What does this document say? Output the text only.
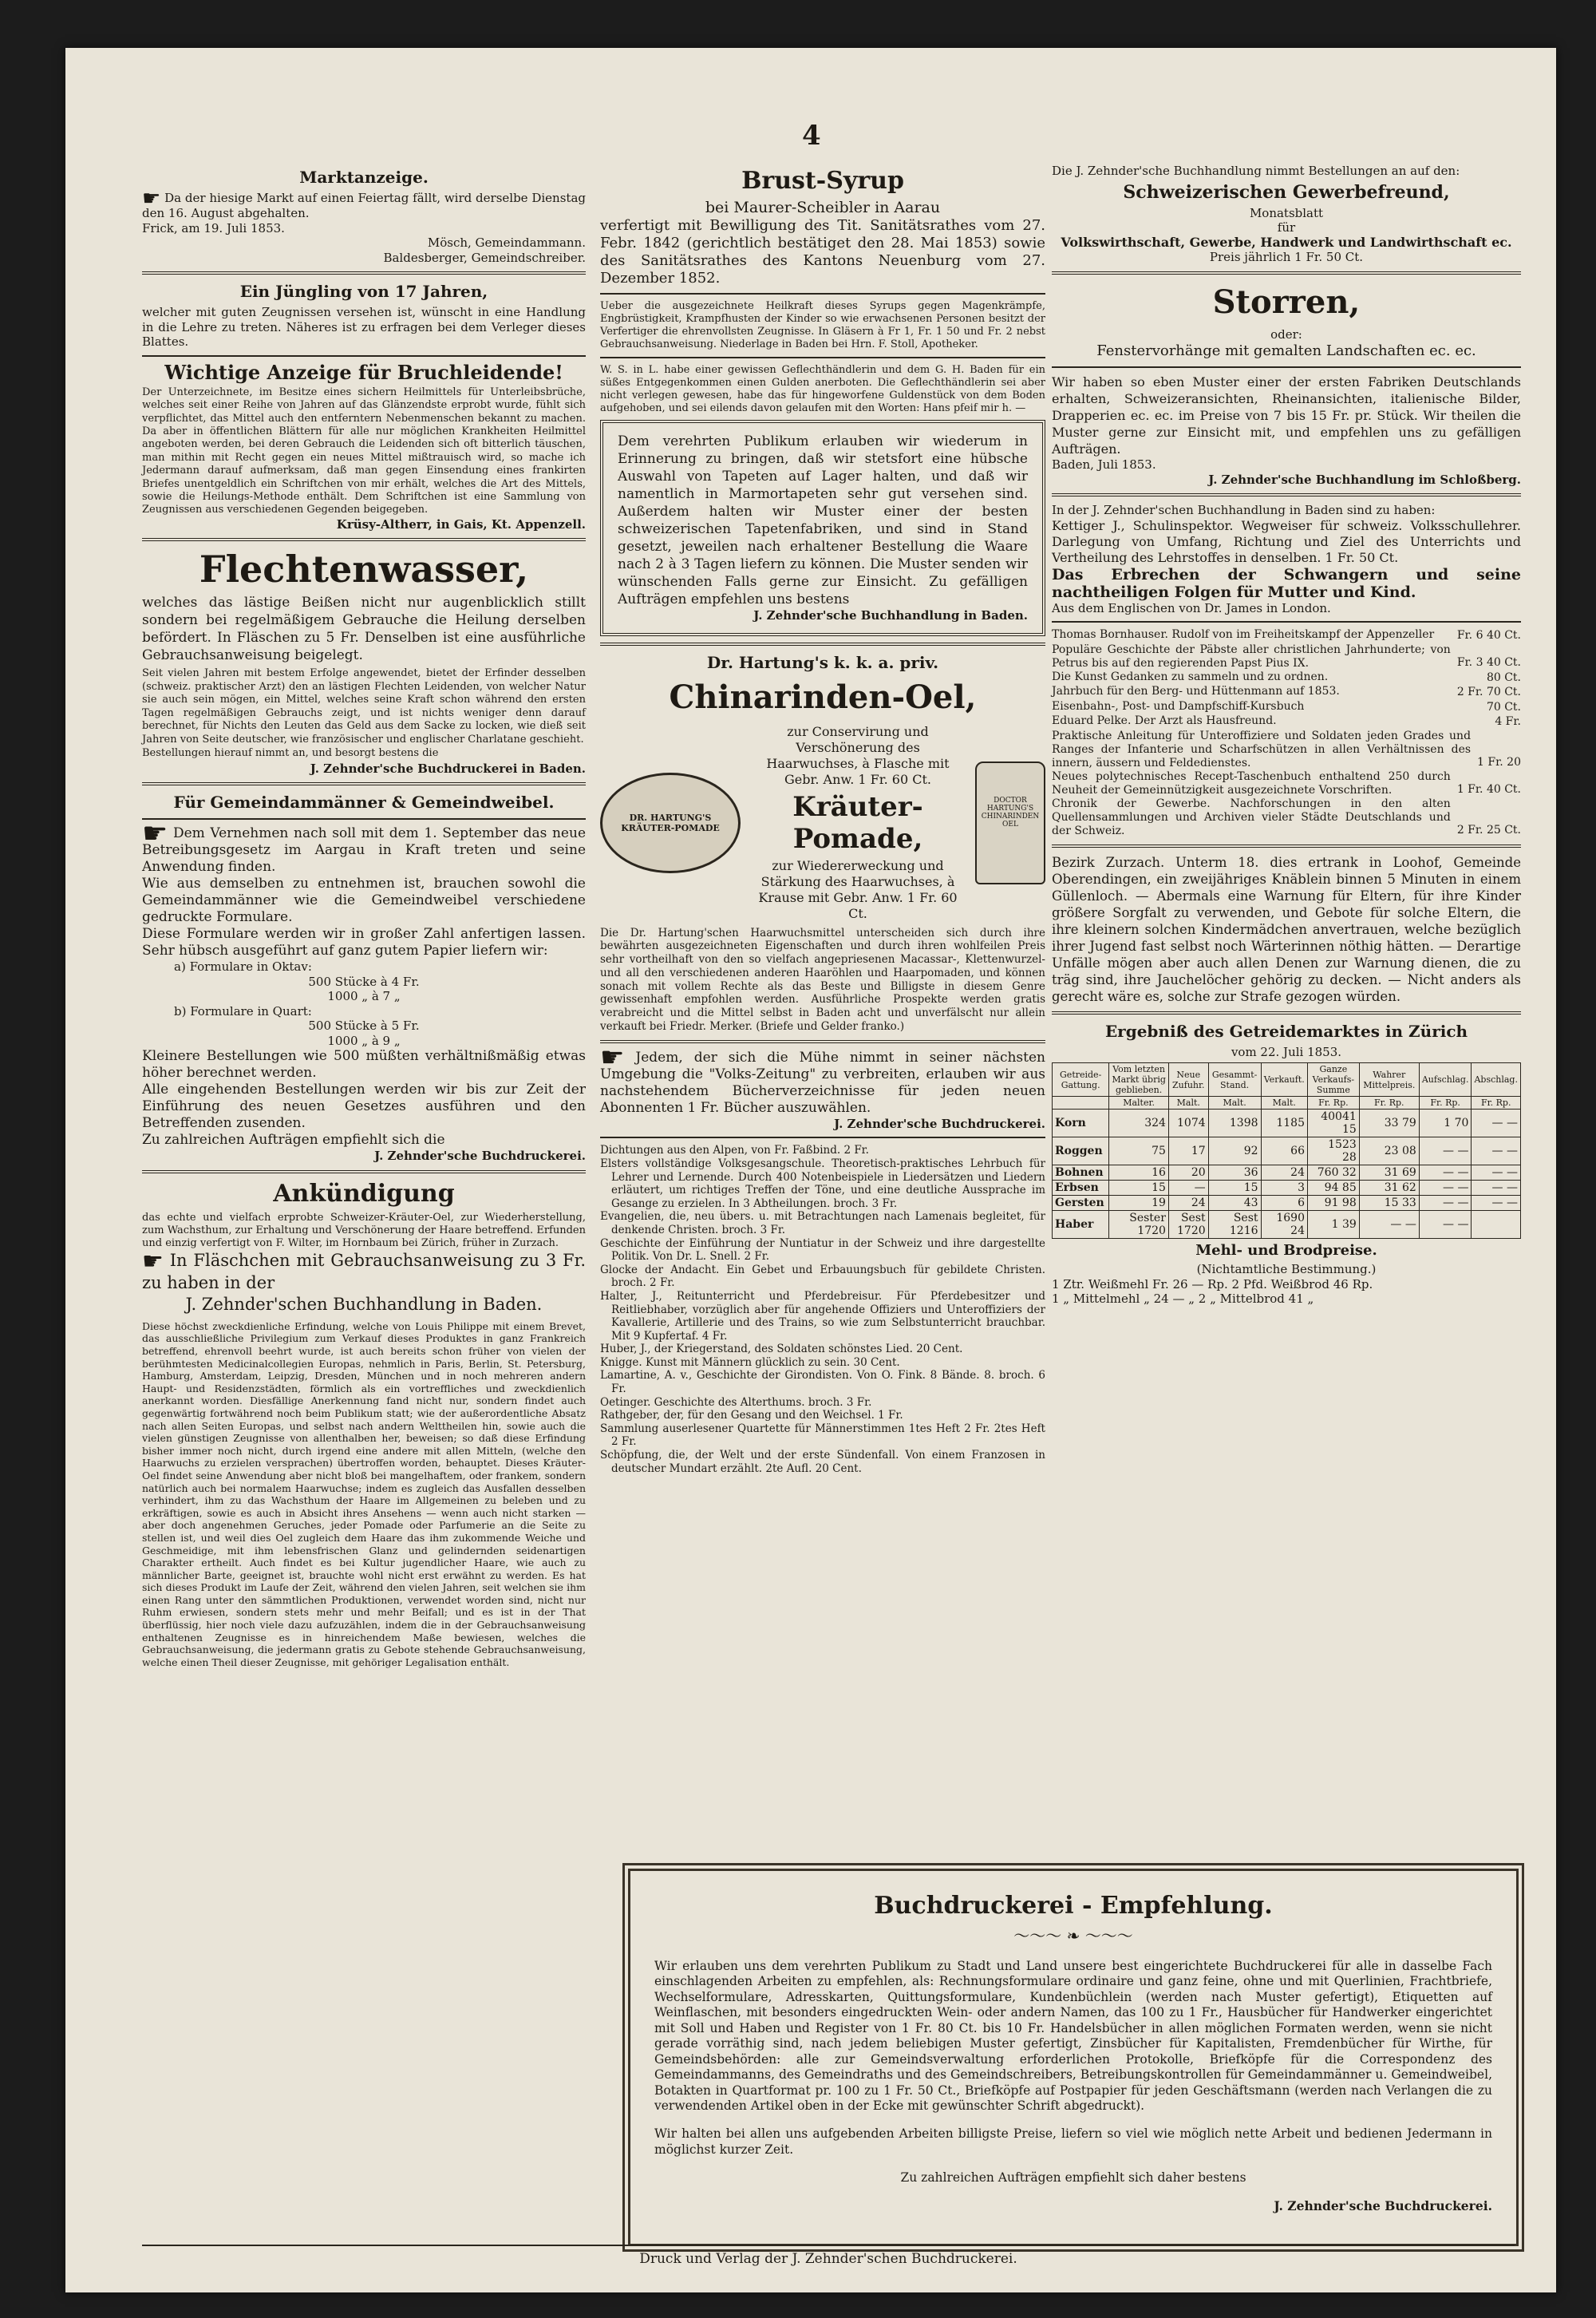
4
Marktanzeige.

☛ Da der hiesige Markt auf einen Feiertag fällt, wird derselbe Dienstag den 16. August abgehalten.

Frick, am 19. Juli 1853.

Mösch, Gemeindammann.

Baldesberger, Gemeindschreiber.

Ein Jüngling von 17 Jahren,

welcher mit guten Zeugnissen versehen ist, wünscht in eine Handlung in die Lehre zu treten. Näheres ist zu erfragen bei dem Verleger dieses Blattes.

Wichtige Anzeige für Bruchleidende!

Der Unterzeichnete, im Besitze eines sichern Heilmittels für Unterleibsbrüche, welches seit einer Reihe von Jahren auf das Glänzendste erprobt wurde, fühlt sich verpflichtet, das Mittel auch den entferntern Nebenmenschen bekannt zu machen. Da aber in öffentlichen Blättern für alle nur möglichen Krankheiten Heilmittel angeboten werden, bei deren Gebrauch die Leidenden sich oft bitterlich täuschen, man mithin mit Recht gegen ein neues Mittel mißtrauisch wird, so mache ich Jedermann darauf aufmerksam, daß man gegen Einsendung eines frankirten Briefes unentgeldlich ein Schriftchen von mir erhält, welches die Art des Mittels, sowie die Heilungs-Methode enthält. Dem Schriftchen ist eine Sammlung von Zeugnissen aus verschiedenen Gegenden beigegeben.

Krüsy-Altherr, in Gais, Kt. Appenzell.

Flechtenwasser,

welches das lästige Beißen nicht nur augenblicklich stillt sondern bei regelmäßigem Gebrauche die Heilung derselben befördert. In Fläschen zu 5 Fr. Denselben ist eine ausführliche Gebrauchsanweisung beigelegt.

Seit vielen Jahren mit bestem Erfolge angewendet, bietet der Erfinder desselben (schweiz. praktischer Arzt) den an lästigen Flechten Leidenden, von welcher Natur sie auch sein mögen, ein Mittel, welches seine Kraft schon während den ersten Tagen regelmäßigen Gebrauchs zeigt, und ist nichts weniger denn darauf berechnet, für Nichts den Leuten das Geld aus dem Sacke zu locken, wie dieß seit Jahren von Seite deutscher, wie französischer und englischer Charlatane geschieht.

Bestellungen hierauf nimmt an, und besorgt bestens die

J. Zehnder'sche Buchdruckerei in Baden.

Für Gemeindammänner & Gemeindweibel.

☛ Dem Vernehmen nach soll mit dem 1. September das neue Betreibungsgesetz im Aargau in Kraft treten und seine Anwendung finden.

Wie aus demselben zu entnehmen ist, brauchen sowohl die Gemeindammänner wie die Gemeindweibel verschiedene gedruckte Formulare.

Diese Formulare werden wir in großer Zahl anfertigen lassen. Sehr hübsch ausgeführt auf ganz gutem Papier liefern wir:

a) Formulare in Oktav:

500 Stücke à 4 Fr.

1000 „ à 7 „

b) Formulare in Quart:

500 Stücke à 5 Fr.

1000 „ à 9 „

Kleinere Bestellungen wie 500 müßten verhältnißmäßig etwas höher berechnet werden.

Alle eingehenden Bestellungen werden wir bis zur Zeit der Einführung des neuen Gesetzes ausführen und den Betreffenden zusenden.

Zu zahlreichen Aufträgen empfiehlt sich die

J. Zehnder'sche Buchdruckerei.

Ankündigung

das echte und vielfach erprobte Schweizer-Kräuter-Oel, zur Wiederherstellung, zum Wachsthum, zur Erhaltung und Verschönerung der Haare betreffend. Erfunden und einzig verfertigt von F. Wilter, im Hornbaum bei Zürich, früher in Zurzach.

☛ In Fläschchen mit Gebrauchsanweisung zu 3 Fr. zu haben in der

J. Zehnder'schen Buchhandlung in Baden.

Diese höchst zweckdienliche Erfindung, welche von Louis Philippe mit einem Brevet, das ausschließliche Privilegium zum Verkauf dieses Produktes in ganz Frankreich betreffend, ehrenvoll beehrt wurde, ist auch bereits schon früher von vielen der berühmtesten Medicinalcollegien Europas, nehmlich in Paris, Berlin, St. Petersburg, Hamburg, Amsterdam, Leipzig, Dresden, München und in noch mehreren andern Haupt- und Residenzstädten, förmlich als ein vortreffliches und zweckdienlich anerkannt worden. Diesfällige Anerkennung fand nicht nur, sondern findet auch gegenwärtig fortwährend noch beim Publikum statt; wie der außerordentliche Absatz nach allen Seiten Europas, und selbst nach andern Welttheilen hin, sowie auch die vielen günstigen Zeugnisse von allenthalben her, beweisen; so daß diese Erfindung bisher immer noch nicht, durch irgend eine andere mit allen Mitteln, (welche den Haarwuchs zu erzielen versprachen) übertroffen worden, behauptet. Dieses Kräuter-Oel findet seine Anwendung aber nicht bloß bei mangelhaftem, oder frankem, sondern natürlich auch bei normalem Haarwuchse; indem es zugleich das Ausfallen desselben verhindert, ihm zu das Wachsthum der Haare im Allgemeinen zu beleben und zu erkräftigen, sowie es auch in Absicht ihres Ansehens — wenn auch nicht starken — aber doch angenehmen Geruches, jeder Pomade oder Parfumerie an die Seite zu stellen ist, und weil dies Oel zugleich dem Haare das ihm zukommende Weiche und Geschmeidige, mit ihm lebensfrischen Glanz und gelindernden seidenartigen Charakter ertheilt. Auch findet es bei Kultur jugendlicher Haare, wie auch zu männlicher Barte, geeignet ist, brauchte wohl nicht erst erwähnt zu werden. Es hat sich dieses Produkt im Laufe der Zeit, während den vielen Jahren, seit welchen sie ihm einen Rang unter den sämmtlichen Produktionen, verwendet worden sind, nicht nur Ruhm erwiesen, sondern stets mehr und mehr Beifall; und es ist in der That überflüssig, hier noch viele dazu aufzuzählen, indem die in der Gebrauchsanweisung enthaltenen Zeugnisse es in hinreichendem Maße bewiesen, welches die Gebrauchsanweisung, die jedermann gratis zu Gebote stehende Gebrauchsanweisung, welche einen Theil dieser Zeugnisse, mit gehöriger Legalisation enthält.

Brust-Syrup

bei Maurer-Scheibler in Aarau

verfertigt mit Bewilligung des Tit. Sanitätsrathes vom 27. Febr. 1842 (gerichtlich bestätiget den 28. Mai 1853) sowie des Sanitätsrathes des Kantons Neuenburg vom 27. Dezember 1852.

Ueber die ausgezeichnete Heilkraft dieses Syrups gegen Magenkrämpfe, Engbrüstigkeit, Krampfhusten der Kinder so wie erwachsenen Personen besitzt der Verfertiger die ehrenvollsten Zeugnisse. In Gläsern à Fr 1, Fr. 1 50 und Fr. 2 nebst Gebrauchsanweisung. Niederlage in Baden bei Hrn. F. Stoll, Apotheker.

W. S. in L. habe einer gewissen Geflechthändlerin und dem G. H. Baden für ein süßes Entgegenkommen einen Gulden anerboten. Die Geflechthändlerin sei aber nicht verlegen gewesen, habe das für hingeworfene Guldenstück von dem Boden aufgehoben, und sei eilends davon gelaufen mit den Worten: Hans pfeif mir h. —

Dem verehrten Publikum erlauben wir wiederum in Erinnerung zu bringen, daß wir stetsfort eine hübsche Auswahl von Tapeten auf Lager halten, und daß wir namentlich in Marmortapeten sehr gut versehen sind. Außerdem halten wir Muster einer der besten schweizerischen Tapetenfabriken, und sind in Stand gesetzt, jeweilen nach erhaltener Bestellung die Waare nach 2 à 3 Tagen liefern zu können. Die Muster senden wir wünschenden Falls gerne zur Einsicht. Zu gefälligen Aufträgen empfehlen uns bestens

J. Zehnder'sche Buchhandlung in Baden.

Dr. Hartung's k. k. a. priv.
Chinarinden-Oel,
DR. HARTUNG'S KRÄUTER-POMADE

zur Conservirung und Verschönerung des Haarwuchses, à Flasche mit Gebr. Anw. 1 Fr. 60 Ct.

Kräuter-Pomade,

zur Wiedererweckung und Stärkung des Haarwuchses, à Krause mit Gebr. Anw. 1 Fr. 60 Ct.

DOCTOR HARTUNG'S CHINARINDEN OEL

Die Dr. Hartung'schen Haarwuchsmittel unterscheiden sich durch ihre bewährten ausgezeichneten Eigenschaften und durch ihren wohlfeilen Preis sehr vortheilhaft von den so vielfach angepriesenen Macassar-, Klettenwurzel- und all den verschiedenen anderen Haaröhlen und Haarpomaden, und können sonach mit vollem Rechte als das Beste und Billigste in diesem Genre gewissenhaft empfohlen werden. Ausführliche Prospekte werden gratis verabreicht und die Mittel selbst in Baden acht und unverfälscht nur allein verkauft bei Friedr. Merker. (Briefe und Gelder franko.)

☛ Jedem, der sich die Mühe nimmt in seiner nächsten Umgebung die "Volks-Zeitung" zu verbreiten, erlauben wir aus nachstehendem Bücherverzeichnisse für jeden neuen Abonnenten 1 Fr. Bücher auszuwählen.

J. Zehnder'sche Buchdruckerei.

Dichtungen aus den Alpen, von Fr. Faßbind. 2 Fr.

Elsters vollständige Volksgesangschule. Theoretisch-praktisches Lehrbuch für Lehrer und Lernende. Durch 400 Notenbeispiele in Liedersätzen und Liedern erläutert, um richtiges Treffen der Töne, und eine deutliche Aussprache im Gesange zu erzielen. In 3 Abtheilungen. broch. 3 Fr.

Evangelien, die, neu übers. u. mit Betrachtungen nach Lamenais begleitet, für denkende Christen. broch. 3 Fr.

Geschichte der Einführung der Nuntiatur in der Schweiz und ihre dargestellte Politik. Von Dr. L. Snell. 2 Fr.

Glocke der Andacht. Ein Gebet und Erbauungsbuch für gebildete Christen. broch. 2 Fr.

Halter, J., Reitunterricht und Pferdebreisur. Für Pferdebesitzer und Reitliebhaber, vorzüglich aber für angehende Offiziers und Unteroffiziers der Kavallerie, Artillerie und des Trains, so wie zum Selbstunterricht brauchbar. Mit 9 Kupfertaf. 4 Fr.

Huber, J., der Kriegerstand, des Soldaten schönstes Lied. 20 Cent.

Knigge. Kunst mit Männern glücklich zu sein. 30 Cent.

Lamartine, A. v., Geschichte der Girondisten. Von O. Fink. 8 Bände. 8. broch. 6 Fr.

Oetinger. Geschichte des Alterthums. broch. 3 Fr.

Rathgeber, der, für den Gesang und den Weichsel. 1 Fr.

Sammlung auserlesener Quartette für Männerstimmen 1tes Heft 2 Fr. 2tes Heft 2 Fr.

Schöpfung, die, der Welt und der erste Sündenfall. Von einem Franzosen in deutscher Mundart erzählt. 2te Aufl. 20 Cent.

Die J. Zehnder'sche Buchhandlung nimmt Bestellungen an auf den:

Schweizerischen Gewerbefreund,

Monatsblatt

für

Volkswirthschaft, Gewerbe, Handwerk und Landwirthschaft ec.

Preis jährlich 1 Fr. 50 Ct.

Storren,

oder:

Fenstervorhänge mit gemalten Landschaften ec. ec.

Wir haben so eben Muster einer der ersten Fabriken Deutschlands erhalten, Schweizeransichten, Rheinansichten, italienische Bilder, Drapperien ec. ec. im Preise von 7 bis 15 Fr. pr. Stück. Wir theilen die Muster gerne zur Einsicht mit, und empfehlen uns zu gefälligen Aufträgen.

Baden, Juli 1853.

J. Zehnder'sche Buchhandlung im Schloßberg.

In der J. Zehnder'schen Buchhandlung in Baden sind zu haben:

Kettiger J., Schulinspektor. Wegweiser für schweiz. Volksschullehrer. Darlegung von Umfang, Richtung und Ziel des Unterrichts und Vertheilung des Lehrstoffes in denselben. 1 Fr. 50 Ct.

Das Erbrechen der Schwangern und seine nachtheiligen Folgen für Mutter und Kind.

Aus dem Englischen von Dr. James in London.

Thomas Bornhauser. Rudolf von im Freiheitskampf der Appenzeller	Fr. 6 40 Ct.

Populäre Geschichte der Päbste aller christlichen Jahrhunderte; von Petrus bis auf den regierenden Papst Pius IX.	Fr. 3 40 Ct.

Die Kunst Gedanken zu sammeln und zu ordnen.	80 Ct.

Jahrbuch für den Berg- und Hüttenmann auf 1853.	2 Fr. 70 Ct.

Eisenbahn-, Post- und Dampfschiff-Kursbuch	70 Ct.

Eduard Pelke. Der Arzt als Hausfreund.	4 Fr.

Praktische Anleitung für Unteroffiziere und Soldaten jeden Grades und Ranges der Infanterie und Scharfschützen in allen Verhältnissen des innern, äussern und Feldedienstes.	1 Fr. 20

Neues polytechnisches Recept-Taschenbuch enthaltend 250 durch Neuheit der Gemeinnützigkeit ausgezeichnete Vorschriften.	1 Fr. 40 Ct.

Chronik der Gewerbe. Nachforschungen in den alten Quellensammlungen und Archiven vieler Städte Deutschlands und der Schweiz.	2 Fr. 25 Ct.

Bezirk Zurzach. Unterm 18. dies ertrank in Loohof, Gemeinde Oberendingen, ein zweijähriges Knäblein binnen 5 Minuten in einem Güllenloch. — Abermals eine Warnung für Eltern, für ihre Kinder größere Sorgfalt zu verwenden, und Gebote für solche Eltern, die ihre kleinern solchen Kindermädchen anvertrauen, welche bezüglich ihrer Jugend fast selbst noch Wärterinnen nöthig hätten. — Derartige Unfälle mögen aber auch allen Denen zur Warnung dienen, die zu träg sind, ihre Jauchelöcher gehörig zu decken. — Nicht anders als gerecht wäre es, solche zur Strafe gezogen würden.

Ergebniß des Getreidemarktes in Zürich

vom 22. Juli 1853.

Getreide-Gattung.	Vom letzten Markt übrig geblieben.	Neue Zufuhr.	Gesammt-Stand.	Verkauft.	Ganze Verkaufs-Summe	Wahrer Mittelpreis.	Aufschlag.	Abschlag.
	Malter.	Malt.	Malt.	Malt.	Fr. Rp.	Fr. Rp.	Fr. Rp.	Fr. Rp.
Korn	324	1074	1398	1185	40041 15	33 79	1 70	— —
Roggen	75	17	92	66	1523 28	23 08	— —	— —
Bohnen	16	20	36	24	760 32	31 69	— —	— —
Erbsen	15	—	15	3	94 85	31 62	— —	— —
Gersten	19	24	43	6	91 98	15 33	— —	— —
Haber	Sester 1720	Sest 1720	Sest 1216	1690 24	1 39	— —	— —	
Mehl- und Brodpreise.

(Nichtamtliche Bestimmung.)

1 Ztr. Weißmehl Fr. 26 — Rp. 2 Pfd. Weißbrod 46 Rp.

1 „ Mittelmehl „ 24 — „ 2 „ Mittelbrod 41 „

Buchdruckerei - Empfehlung.
～～～ ❧ ～～～

Wir erlauben uns dem verehrten Publikum zu Stadt und Land unsere best eingerichtete Buchdruckerei für alle in dasselbe Fach einschlagenden Arbeiten zu empfehlen, als: Rechnungsformulare ordinaire und ganz feine, ohne und mit Querlinien, Frachtbriefe, Wechselformulare, Adresskarten, Quittungsformulare, Kundenbüchlein (werden nach Muster gefertigt), Etiquetten auf Weinflaschen, mit besonders eingedruckten Wein- oder andern Namen, das 100 zu 1 Fr., Hausbücher für Handwerker eingerichtet mit Soll und Haben und Register von 1 Fr. 80 Ct. bis 10 Fr. Handelsbücher in allen möglichen Formaten werden, wenn sie nicht gerade vorräthig sind, nach jedem beliebigen Muster gefertigt, Zinsbücher für Kapitalisten, Fremdenbücher für Wirthe, für Gemeindsbehörden: alle zur Gemeindsverwaltung erforderlichen Protokolle, Briefköpfe für die Correspondenz des Gemeindammanns, des Gemeindraths und des Gemeindschreibers, Betreibungskontrollen für Gemeindammänner u. Gemeindweibel, Botakten in Quartformat pr. 100 zu 1 Fr. 50 Ct., Briefköpfe auf Postpapier für jeden Geschäftsmann (werden nach Verlangen die zu verwendenden Artikel oben in der Ecke mit gewünschter Schrift abgedruckt).

Wir halten bei allen uns aufgebenden Arbeiten billigste Preise, liefern so viel wie möglich nette Arbeit und bedienen Jedermann in möglichst kurzer Zeit.

Zu zahlreichen Aufträgen empfiehlt sich daher bestens

J. Zehnder'sche Buchdruckerei.

Druck und Verlag der J. Zehnder'schen Buchdruckerei.
